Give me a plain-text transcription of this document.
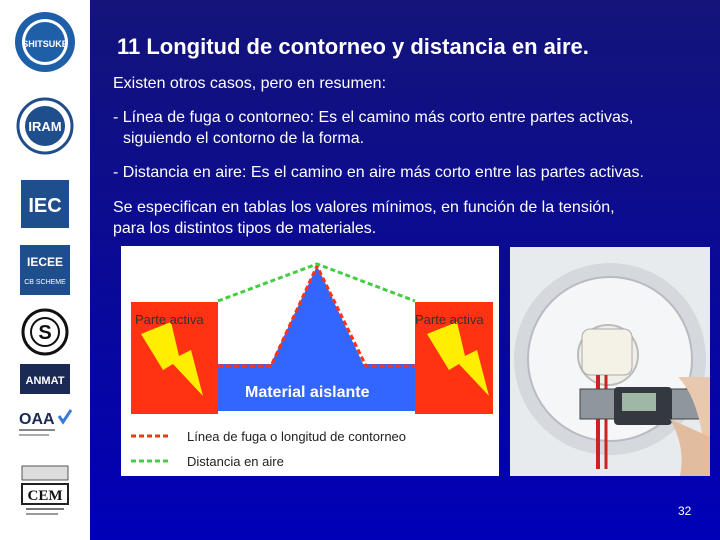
SHITSUKE
IRAM
IEC
IECEE
CB SCHEME
S
ANMAT
OAA
CEM
11 Longitud de contorneo y distancia en aire.
Existen otros casos, pero en resumen:
- Línea de fuga o contorneo: Es el camino más corto entre partes activas,
siguiendo el contorno de la forma.
- Distancia en aire: Es el camino en aire más corto entre las partes activas.
Se especifican en tablas los valores mínimos, en función de la tensión,
para los distintos tipos de materiales.
Parte activa	Parte activa
Material aislante
Línea de fuga o longitud de contorneo
Distancia en aire
32
